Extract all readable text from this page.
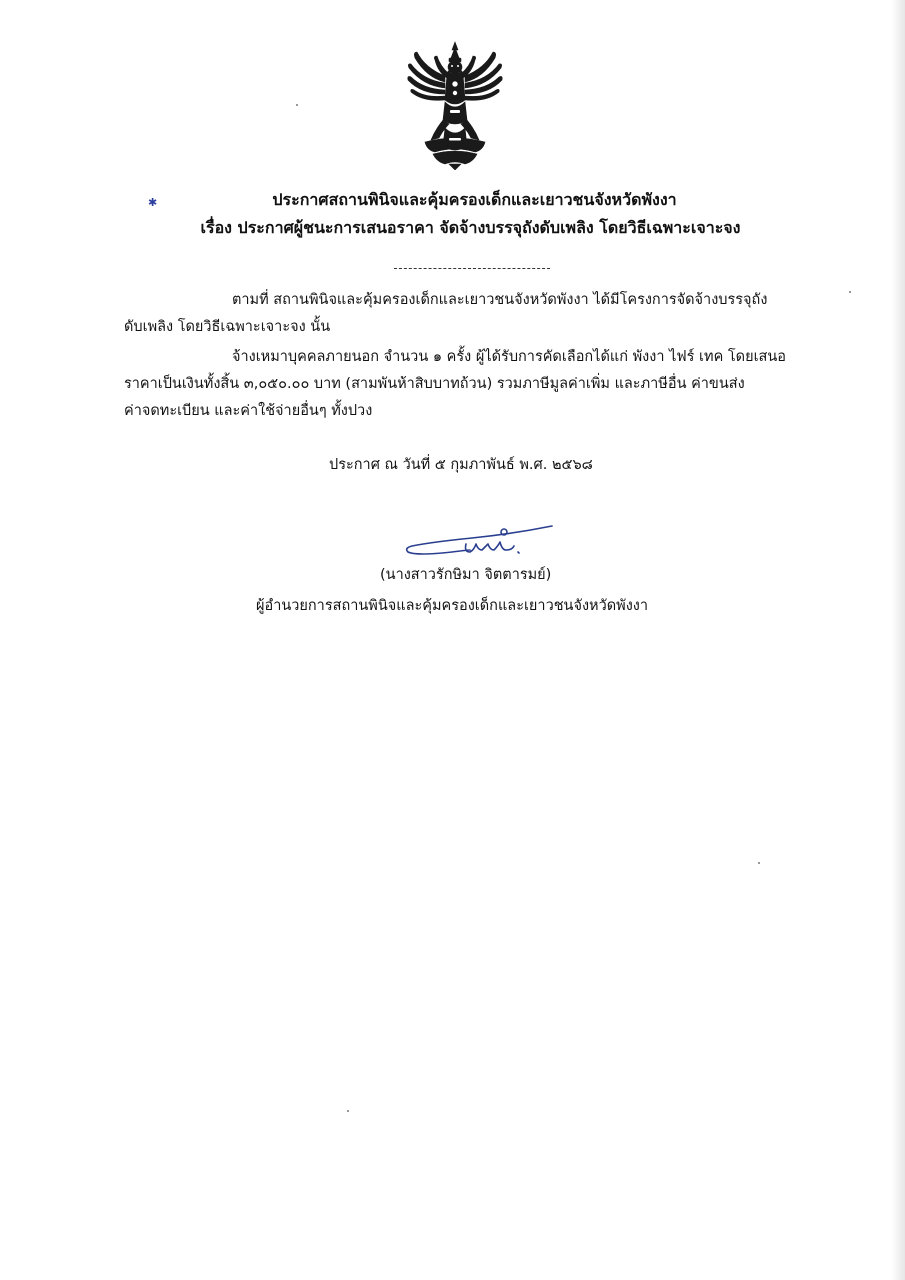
✱	ประกาศสถานพินิจและคุ้มครองเด็กและเยาวชนจังหวัดพังงา
เรื่อง ประกาศผู้ชนะการเสนอราคา จัดจ้างบรรจุถังดับเพลิง โดยวิธีเฉพาะเจาะจง
ตามที่ สถานพินิจและคุ้มครองเด็กและเยาวชนจังหวัดพังงา ได้มีโครงการจัดจ้างบรรจุถัง
ดับเพลิง โดยวิธีเฉพาะเจาะจง นั้น
จ้างเหมาบุคคลภายนอก จำนวน ๑ ครั้ง ผู้ได้รับการคัดเลือกได้แก่ พังงา ไฟร์ เทค โดยเสนอ
ราคาเป็นเงินทั้งสิ้น ๓,๐๕๐.๐๐ บาท (สามพันห้าสิบบาทถ้วน) รวมภาษีมูลค่าเพิ่ม และภาษีอื่น ค่าขนส่ง
ค่าจดทะเบียน และค่าใช้จ่ายอื่นๆ ทั้งปวง
ประกาศ ณ วันที่ ๕ กุมภาพันธ์ พ.ศ. ๒๕๖๘
(นางสาวรักษิมา จิตตารมย์)
ผู้อำนวยการสถานพินิจและคุ้มครองเด็กและเยาวชนจังหวัดพังงา
